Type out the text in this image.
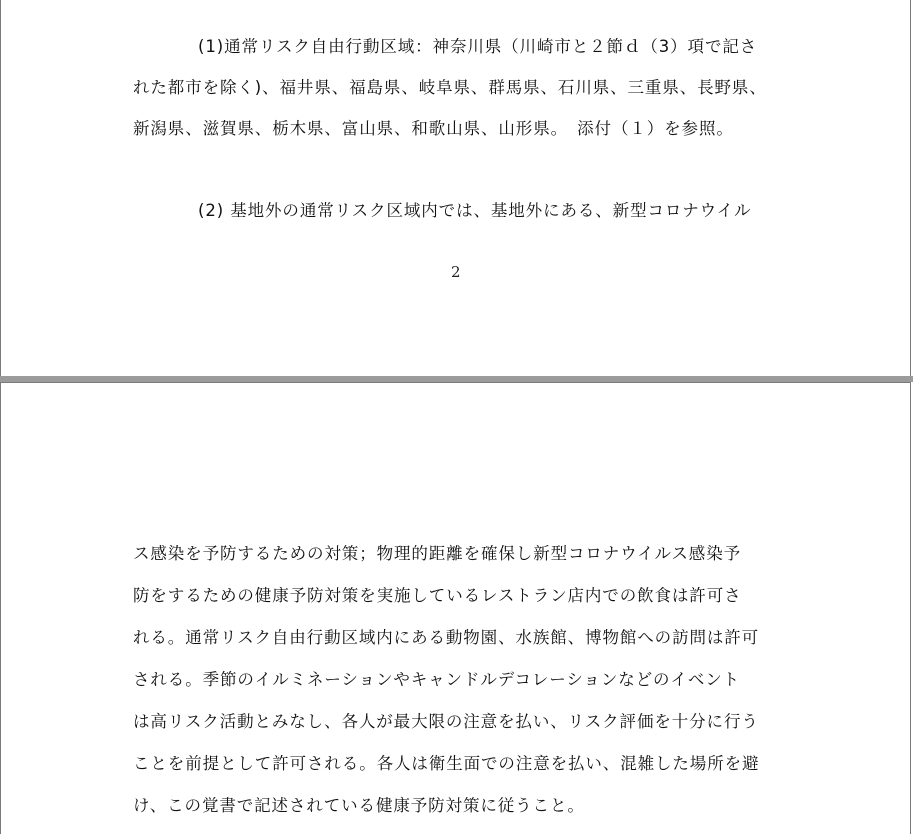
(1)通常リスク自由行動区域：神奈川県（川崎市と２節ｄ（3）項で記さ
れた都市を除く)、福井県、福島県、岐阜県、群馬県、石川県、三重県、長野県、
新潟県、滋賀県、栃木県、富山県、和歌山県、山形県。　添付（１）を参照。
(2) 基地外の通常リスク区域内では、基地外にある、新型コロナウイル
2
ス感染を予防するための対策；物理的距離を確保し新型コロナウイルス感染予
防をするための健康予防対策を実施しているレストラン店内での飲食は許可さ
れる。通常リスク自由行動区域内にある動物園、水族館、博物館への訪問は許可
される。季節のイルミネーションやキャンドルデコレーションなどのイベント
は高リスク活動とみなし、各人が最大限の注意を払い、リスク評価を十分に行う
ことを前提として許可される。各人は衛生面での注意を払い、混雑した場所を避
け、この覚書で記述されている健康予防対策に従うこと。
